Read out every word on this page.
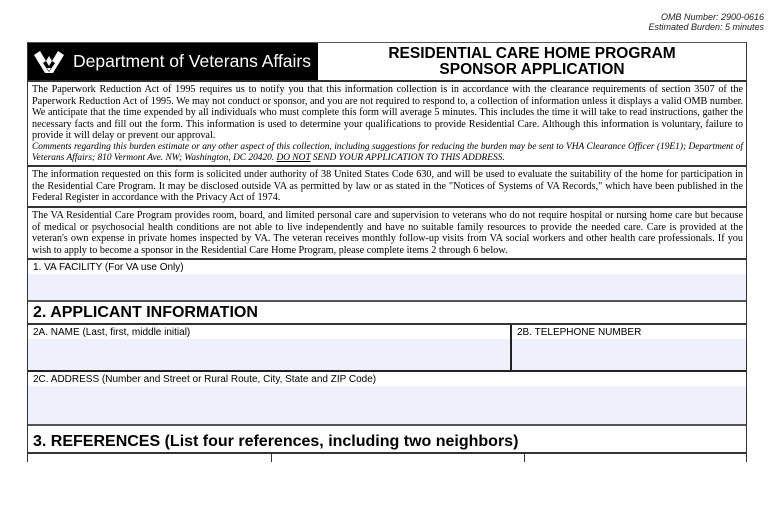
OMB Number: 2900-0616
Estimated Burden: 5 minutes
Department of Veterans Affairs	RESIDENTIAL CARE HOME PROGRAM
SPONSOR APPLICATION
The Paperwork Reduction Act of 1995 requires us to notify you that this information collection is in accordance with the clearance requirements of section 3507 of the Paperwork Reduction Act of 1995. We may not conduct or sponsor, and you are not required to respond to, a collection of information unless it displays a valid OMB number. We anticipate that the time expended by all individuals who must complete this form will average 5 minutes. This includes the time it will take to read instructions, gather the necessary facts and fill out the form. This information is used to determine your qualifications to provide Residential Care. Although this information is voluntary, failure to provide it will delay or prevent our approval.
Comments regarding this burden estimate or any other aspect of this collection, including suggestions for reducing the burden may be sent to VHA Clearance Officer (19E1); Department of Veterans Affairs; 810 Vermont Ave. NW; Washington, DC 20420. DO NOT SEND YOUR APPLICATION TO THIS ADDRESS.
The information requested on this form is solicited under authority of 38 United States Code 630, and will be used to evaluate the suitability of the home for participation in the Residential Care Program. It may be disclosed outside VA as permitted by law or as stated in the "Notices of Systems of VA Records," which have been published in the Federal Register in accordance with the Privacy Act of 1974.
The VA Residential Care Program provides room, board, and limited personal care and supervision to veterans who do not require hospital or nursing home care but because of medical or psychosocial health conditions are not able to live independently and have no suitable family resources to provide the needed care. Care is provided at the veteran's own expense in private homes inspected by VA. The veteran receives monthly follow-up visits from VA social workers and other health care professionals. If you wish to apply to become a sponsor in the Residential Care Home Program, please complete items 2 through 6 below.
1. VA FACILITY (For VA use Only)
2. APPLICANT INFORMATION
2A. NAME (Last, first, middle initial)	2B. TELEPHONE NUMBER
2C. ADDRESS (Number and Street or Rural Route, City, State and ZIP Code)
3. REFERENCES (List four references, including two neighbors)
